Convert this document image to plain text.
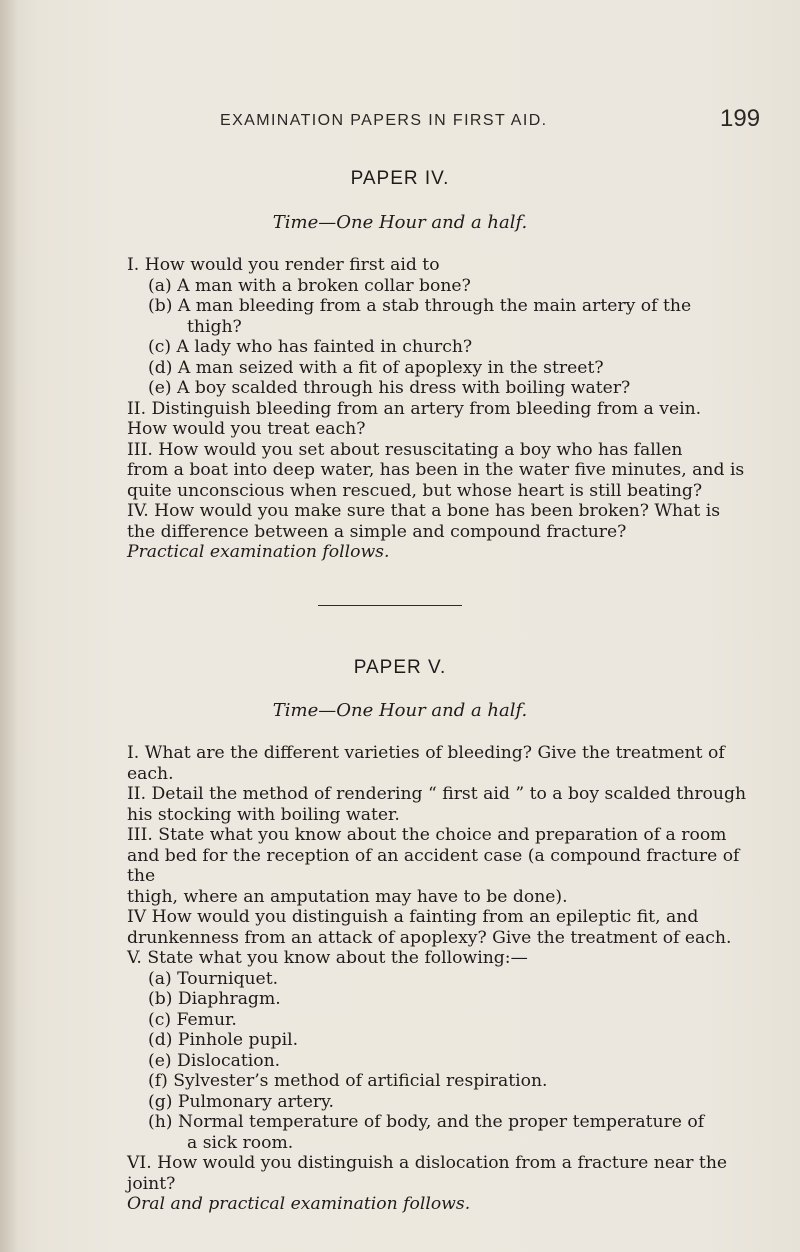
EXAMINATION PAPERS IN FIRST AID.	199
PAPER IV.
Time—One Hour and a half.

I. How would you render first aid to

(a) A man with a broken collar bone?

(b) A man bleeding from a stab through the main artery of the

thigh?

(c) A lady who has fainted in church?

(d) A man seized with a fit of apoplexy in the street?

(e) A boy scalded through his dress with boiling water?

II. Distinguish bleeding from an artery from bleeding from a vein.

How would you treat each?

III. How would you set about resuscitating a boy who has fallen

from a boat into deep water, has been in the water five minutes, and is

quite unconscious when rescued, but whose heart is still beating?

IV. How would you make sure that a bone has been broken? What is

the difference between a simple and compound fracture?

Practical examination follows.

PAPER V.
Time—One Hour and a half.

I. What are the different varieties of bleeding? Give the treatment of

each.

II. Detail the method of rendering “ first aid ” to a boy scalded through

his stocking with boiling water.

III. State what you know about the choice and preparation of a room

and bed for the reception of an accident case (a compound fracture of the

thigh, where an amputation may have to be done).

IV How would you distinguish a fainting from an epileptic fit, and

drunkenness from an attack of apoplexy? Give the treatment of each.

V. State what you know about the following:—

(a) Tourniquet.

(b) Diaphragm.

(c) Femur.

(d) Pinhole pupil.

(e) Dislocation.

(f) Sylvester’s method of artificial respiration.

(g) Pulmonary artery.

(h) Normal temperature of body, and the proper temperature of

a sick room.

VI. How would you distinguish a dislocation from a fracture near the

joint?

Oral and practical examination follows.
